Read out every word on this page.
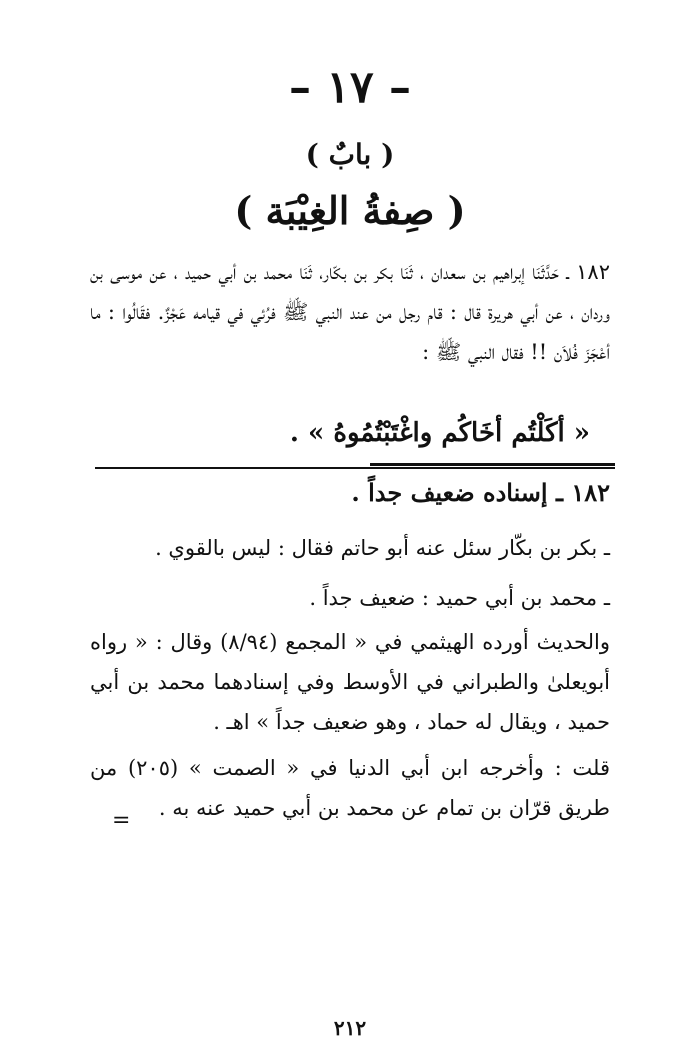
– ١٧ –
( بابٌ )
( صِفةُ الغِيْبَة )
١٨٢ ـ حَدَّثَنَا إبراهيم بن سعدان ، ثَنَا بكر بن بكّار، ثَنَا محمد بن أبي حميد ، عن موسى بن وردان ، عن أبي هريرة قال : قام رجل من عند النبي ﷺ فرُئي في قيامه عَجْزٌ. فقَالُوا : ما أعْجَزَ فُلاَن !! فقال النبي ﷺ :
« أكَلْتُم أخَاكُم واغْتَبْتُمُوهُ » .
١٨٢ ـ إسناده ضعيف جداً .
ـ بكر بن بكّار سئل عنه أبو حاتم فقال : ليس بالقوي .
ـ محمد بن أبي حميد : ضعيف جداً .
والحديث أورده الهيثمي في « المجمع (٨/٩٤) وقال : « رواه أبويعلىٰ والطبراني في الأوسط وفي إسنادهما محمد بن أبي حميد ، ويقال له حماد ، وهو ضعيف جداً » اهـ .
قلت : وأخرجه ابن أبي الدنيا في « الصمت » (٢٠٥) من طريق قرّان بن تمام عن محمد بن أبي حميد عنه به .
=
٢١٢
